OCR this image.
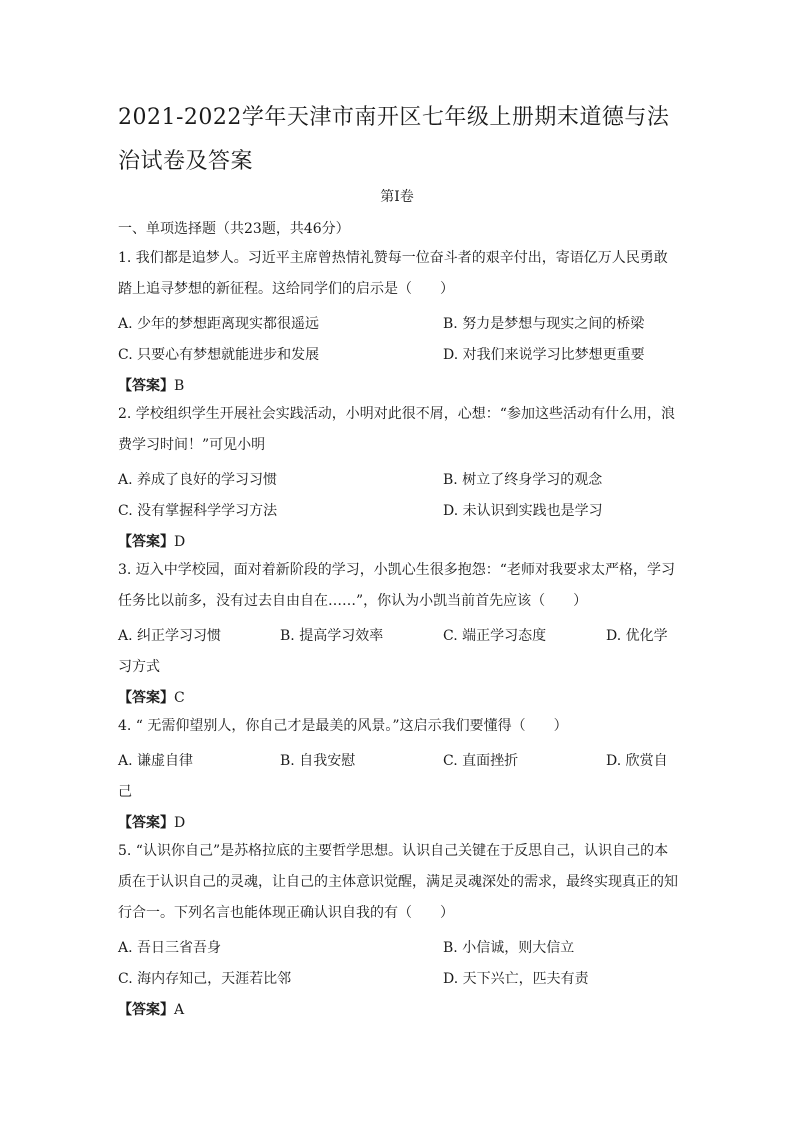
2021-2022学年天津市南开区七年级上册期末道德与法治试卷及答案
第Ⅰ卷
一、单项选择题（共23题，共46分）
1. 我们都是追梦人。习近平主席曾热情礼赞每一位奋斗者的艰辛付出，寄语亿万人民勇敢踏上追寻梦想的新征程。这给同学们的启示是（　　）
A. 少年的梦想距离现实都很遥远	B. 努力是梦想与现实之间的桥梁
C. 只要心有梦想就能进步和发展	D. 对我们来说学习比梦想更重要
【答案】B
2. 学校组织学生开展社会实践活动，小明对此很不屑，心想：“参加这些活动有什么用，浪费学习时间！”可见小明
A. 养成了良好的学习习惯	B. 树立了终身学习的观念
C. 没有掌握科学学习方法	D. 未认识到实践也是学习
【答案】D
3. 迈入中学校园，面对着新阶段的学习，小凯心生很多抱怨：“老师对我要求太严格，学习任务比以前多，没有过去自由自在……”，你认为小凯当前首先应该（　　）
A. 纠正学习习惯	B. 提高学习效率	C. 端正学习态度	D. 优化学
习方式
【答案】C
4. “ 无需仰望别人，你自己才是最美的风景。”这启示我们要懂得（　　）
A. 谦虚自律	B. 自我安慰	C. 直面挫折	D. 欣赏自
己
【答案】D
5. “认识你自己”是苏格拉底的主要哲学思想。认识自己关键在于反思自己，认识自己的本质在于认识自己的灵魂，让自己的主体意识觉醒，满足灵魂深处的需求，最终实现真正的知行合一。下列名言也能体现正确认识自我的有（　　）
A. 吾日三省吾身	B. 小信诚，则大信立
C. 海内存知己，天涯若比邻	D. 天下兴亡，匹夫有责
【答案】A
